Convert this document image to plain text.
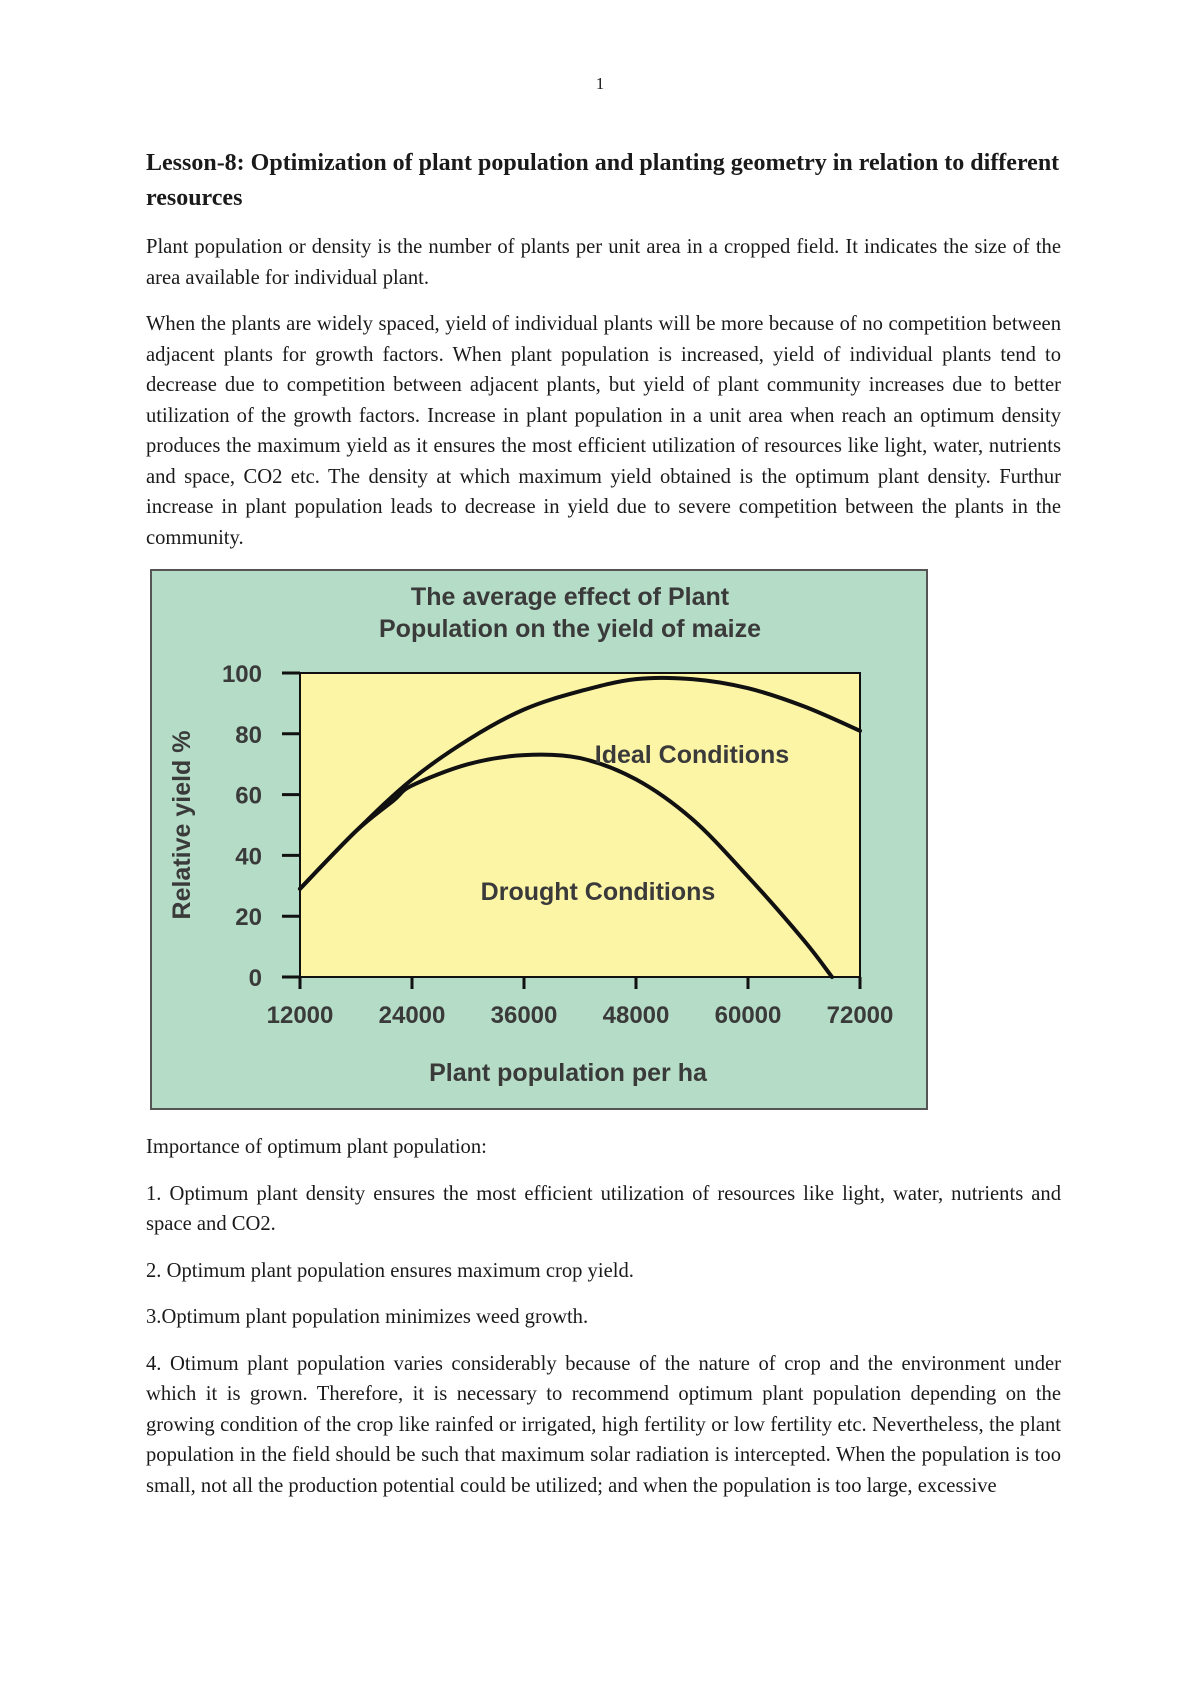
1
Lesson-8: Optimization of plant population and planting geometry in relation to different resources

Plant population or density is the number of plants per unit area in a cropped field. It indicates the size of the area available for individual plant.

When the plants are widely spaced, yield of individual plants will be more because of no competition between adjacent plants for growth factors. When plant population is increased, yield of individual plants tend to decrease due to competition between adjacent plants, but yield of plant community increases due to better utilization of the growth factors. Increase in plant population in a unit area when reach an optimum density produces the maximum yield as it ensures the most efficient utilization of resources like light, water, nutrients and space, CO2 etc. The density at which maximum yield obtained is the optimum plant density. Furthur increase in plant population leads to decrease in yield due to severe competition between the plants in the community.

The average effect of Plant
Population on the yield of maize
0
20
40
60
80
100
12000 24000 36000 48000 60000 72000
Ideal Conditions
Drought Conditions
Plant population per ha
Relative yield %

Importance of optimum plant population:

1. Optimum plant density ensures the most efficient utilization of resources like light, water, nutrients and space and CO2.

2. Optimum plant population ensures maximum crop yield.

3.Optimum plant population minimizes weed growth.

4. Otimum plant population varies considerably because of the nature of crop and the environment under which it is grown. Therefore, it is necessary to recommend optimum plant population depending on the growing condition of the crop like rainfed or irrigated, high fertility or low fertility etc. Nevertheless, the plant population in the field should be such that maximum solar radiation is intercepted. When the population is too small, not all the production potential could be utilized; and when the population is too large, excessive
